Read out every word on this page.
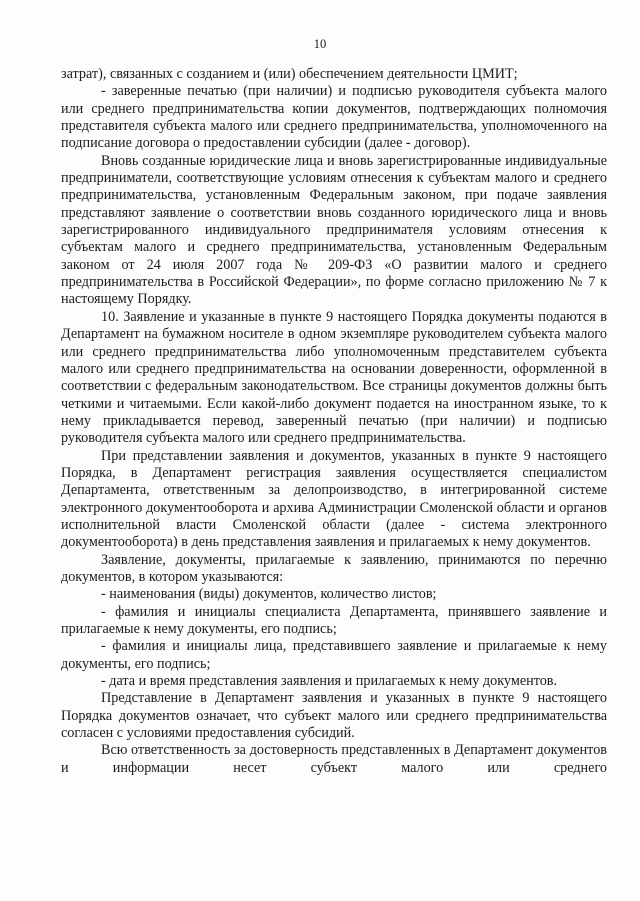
10

затрат), связанных с созданием и (или) обеспечением деятельности ЦМИТ;

- заверенные печатью (при наличии) и подписью руководителя субъекта малого или среднего предпринимательства копии документов, подтверждающих полномочия представителя субъекта малого или среднего предпринимательства, уполномоченного на подписание договора о предоставлении субсидии (далее - договор).

Вновь созданные юридические лица и вновь зарегистрированные индивидуальные предприниматели, соответствующие условиям отнесения к субъектам малого и среднего предпринимательства, установленным Федеральным законом, при подаче заявления представляют заявление о соответствии вновь созданного юридического лица и вновь зарегистрированного индивидуального предпринимателя условиям отнесения к субъектам малого и среднего предпринимательства, установленным Федеральным законом от 24 июля 2007 года № 209-ФЗ «О развитии малого и среднего предпринимательства в Российской Федерации», по форме согласно приложению № 7 к настоящему Порядку.

10. Заявление и указанные в пункте 9 настоящего Порядка документы подаются в Департамент на бумажном носителе в одном экземпляре руководителем субъекта малого или среднего предпринимательства либо уполномоченным представителем субъекта малого или среднего предпринимательства на основании доверенности, оформленной в соответствии с федеральным законодательством. Все страницы документов должны быть четкими и читаемыми. Если какой-либо документ подается на иностранном языке, то к нему прикладывается перевод, заверенный печатью (при наличии) и подписью руководителя субъекта малого или среднего предпринимательства.

При представлении заявления и документов, указанных в пункте 9 настоящего Порядка, в Департамент регистрация заявления осуществляется специалистом Департамента, ответственным за делопроизводство, в интегрированной системе электронного документооборота и архива Администрации Смоленской области и органов исполнительной власти Смоленской области (далее - система электронного документооборота) в день представления заявления и прилагаемых к нему документов.

Заявление, документы, прилагаемые к заявлению, принимаются по перечню документов, в котором указываются:

- наименования (виды) документов, количество листов;

- фамилия и инициалы специалиста Департамента, принявшего заявление и прилагаемые к нему документы, его подпись;

- фамилия и инициалы лица, представившего заявление и прилагаемые к нему документы, его подпись;

- дата и время представления заявления и прилагаемых к нему документов.

Представление в Департамент заявления и указанных в пункте 9 настоящего Порядка документов означает, что субъект малого или среднего предпринимательства согласен с условиями предоставления субсидий.

Всю ответственность за достоверность представленных в Департамент документов и информации несет субъект малого или среднего
